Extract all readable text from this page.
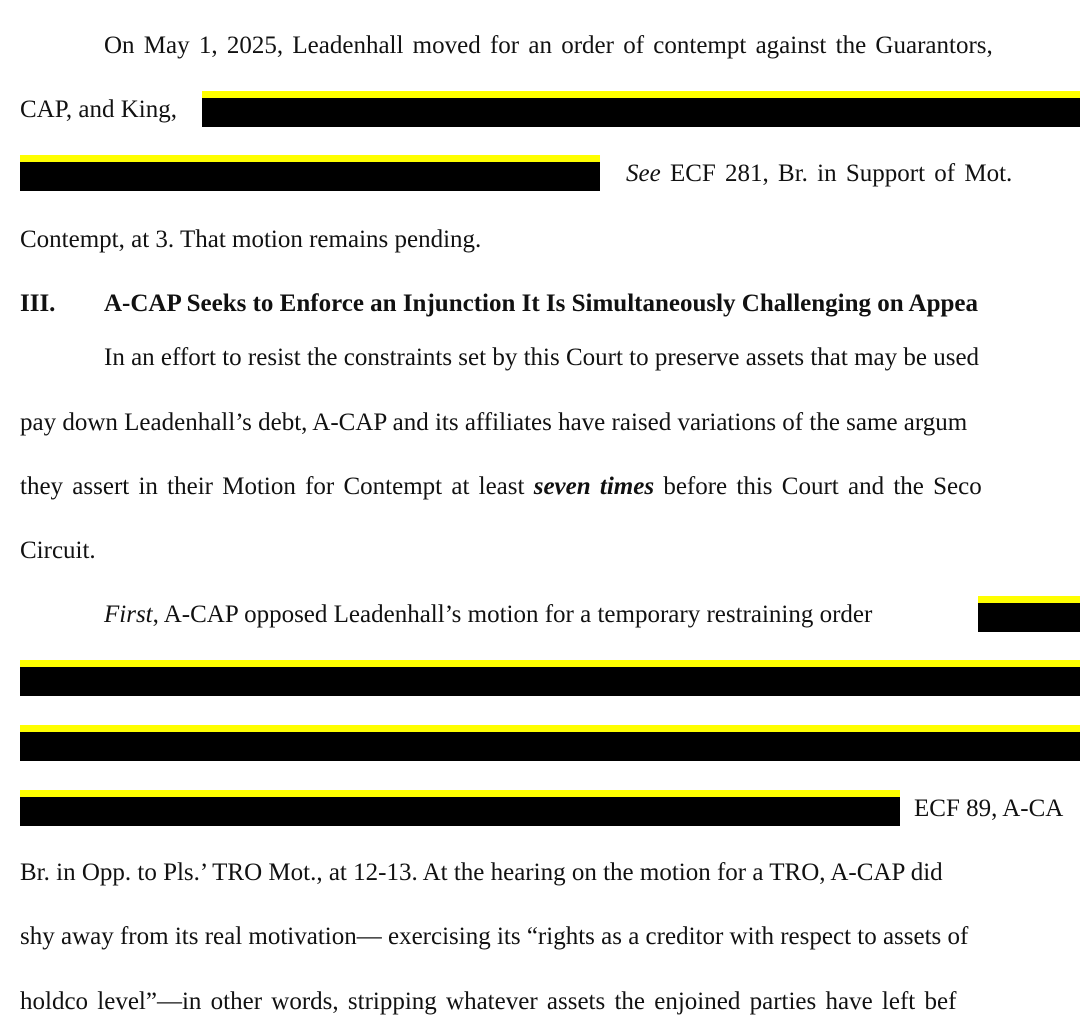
On May 1, 2025, Leadenhall moved for an order of contempt against the Guarantors,
CAP, and King,
See ECF 281, Br. in Support of Mot.
Contempt, at 3. That motion remains pending.
III. A-CAP Seeks to Enforce an Injunction It Is Simultaneously Challenging on Appea
In an effort to resist the constraints set by this Court to preserve assets that may be used
pay down Leadenhall’s debt, A-CAP and its affiliates have raised variations of the same argum
they assert in their Motion for Contempt at least seven times before this Court and the Seco
Circuit.
First, A-CAP opposed Leadenhall’s motion for a temporary restraining order
ECF 89, A-CA
Br. in Opp. to Pls.’ TRO Mot., at 12-13. At the hearing on the motion for a TRO, A-CAP did
shy away from its real motivation— exercising its “rights as a creditor with respect to assets of
holdco level”—in other words, stripping whatever assets the enjoined parties have left bef
